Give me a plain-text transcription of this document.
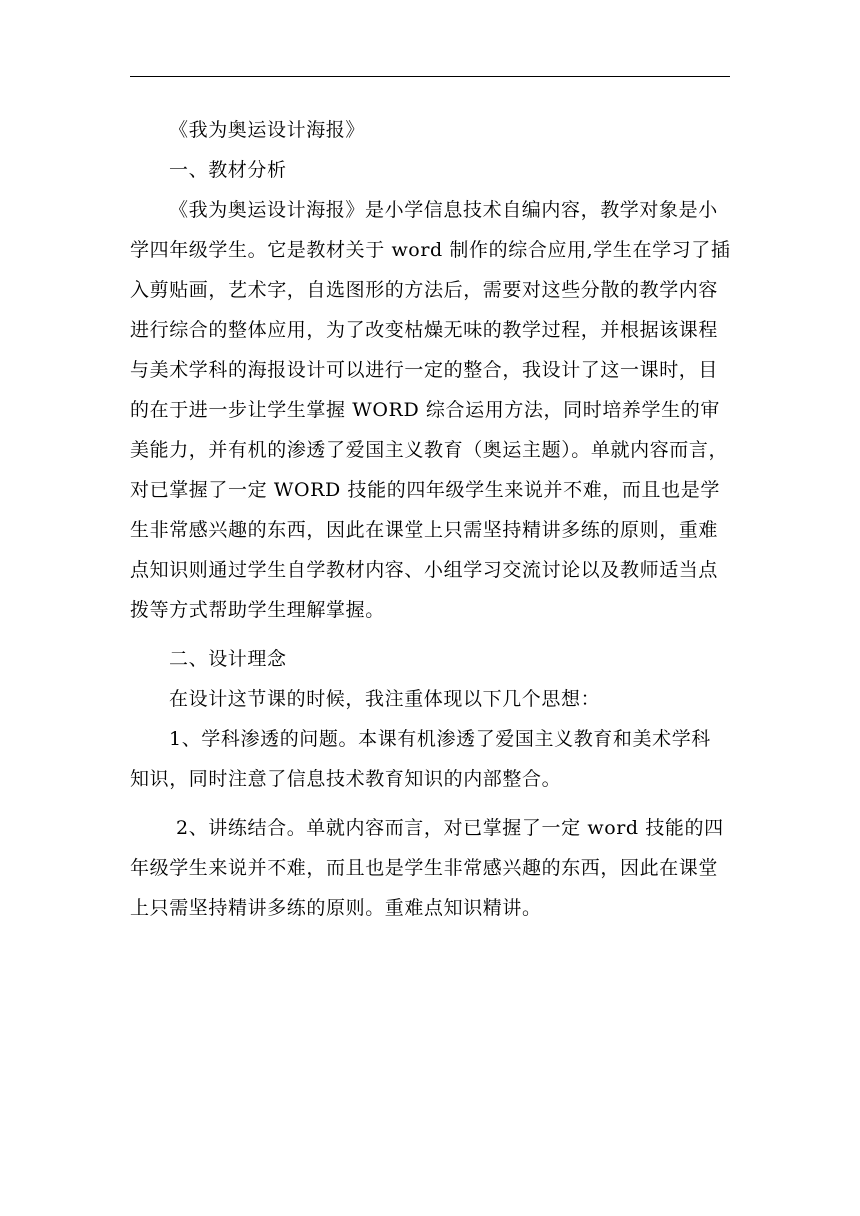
《我为奥运设计海报》
一、教材分析
《我为奥运设计海报》是小学信息技术自编内容，教学对象是小
学四年级学生。它是教材关于 word 制作的综合应用,学生在学习了插
入剪贴画，艺术字，自选图形的方法后，需要对这些分散的教学内容
进行综合的整体应用，为了改变枯燥无味的教学过程，并根据该课程
与美术学科的海报设计可以进行一定的整合，我设计了这一课时，目
的在于进一步让学生掌握 WORD 综合运用方法，同时培养学生的审
美能力，并有机的渗透了爱国主义教育（奥运主题）。单就内容而言，
对已掌握了一定 WORD 技能的四年级学生来说并不难，而且也是学
生非常感兴趣的东西，因此在课堂上只需坚持精讲多练的原则，重难
点知识则通过学生自学教材内容、小组学习交流讨论以及教师适当点
拨等方式帮助学生理解掌握。
二、设计理念
在设计这节课的时候，我注重体现以下几个思想：
1、学科渗透的问题。本课有机渗透了爱国主义教育和美术学科
知识，同时注意了信息技术教育知识的内部整合。
2、讲练结合。单就内容而言，对已掌握了一定 word 技能的四
年级学生来说并不难，而且也是学生非常感兴趣的东西，因此在课堂
上只需坚持精讲多练的原则。重难点知识精讲。
